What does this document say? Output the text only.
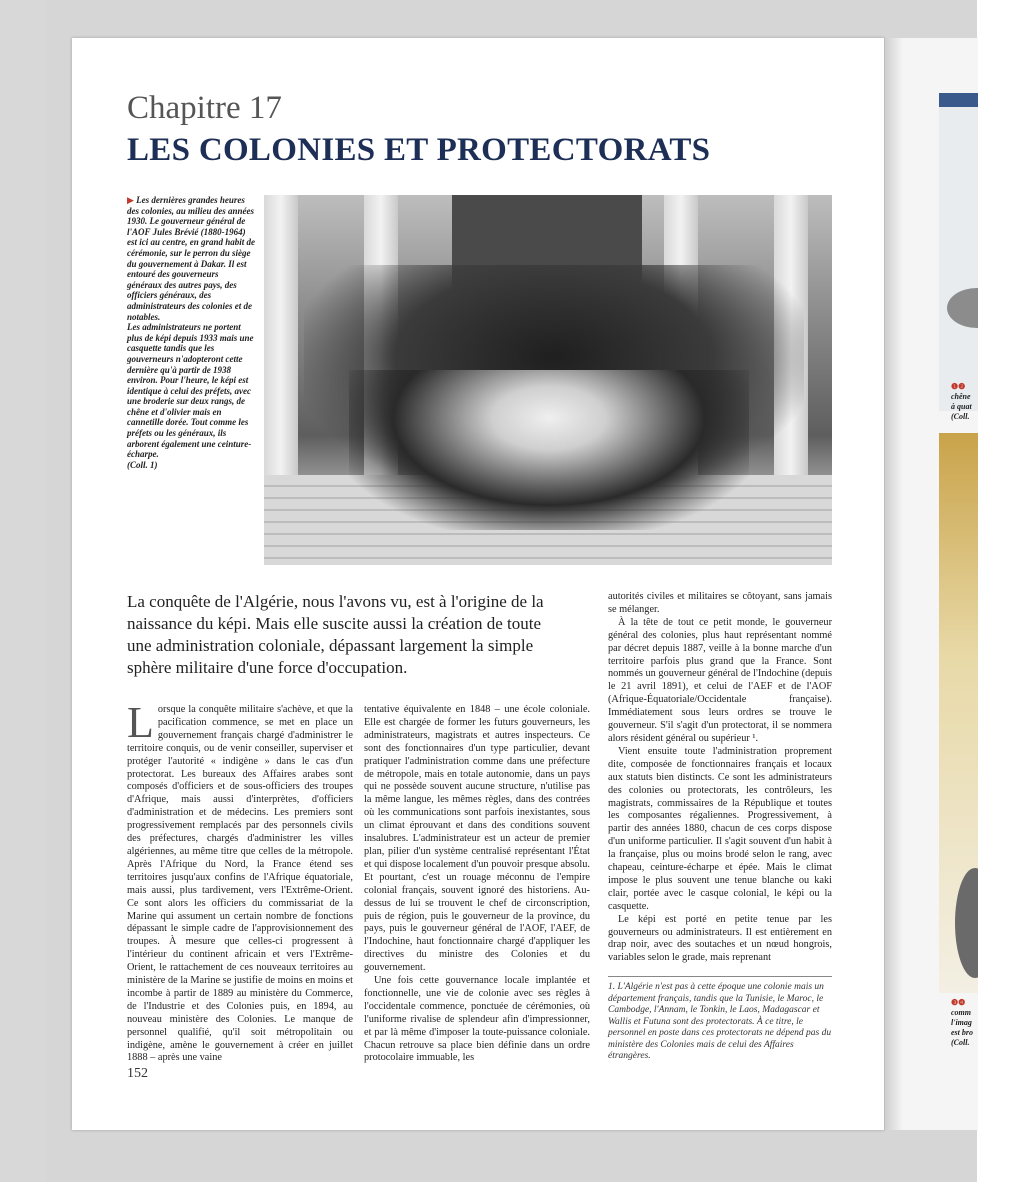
Chapitre 17
LES COLONIES ET PROTECTORATS

▶ Les dernières grandes heures des colonies, au milieu des années 1930. Le gouverneur général de l'AOF Jules Brévié (1880-1964) est ici au centre, en grand habit de cérémonie, sur le perron du siège du gouvernement à Dakar. Il est entouré des gouverneurs généraux des autres pays, des officiers généraux, des administrateurs des colonies et de notables.

Les administrateurs ne portent plus de képi depuis 1933 mais une casquette tandis que les gouverneurs n'adopteront cette dernière qu'à partir de 1938 environ. Pour l'heure, le képi est identique à celui des préfets, avec une broderie sur deux rangs, de chêne et d'olivier mais en cannetille dorée. Tout comme les préfets ou les généraux, ils arborent également une ceinture-écharpe.

(Coll. 1)

La conquête de l'Algérie, nous l'avons vu, est à l'origine de la naissance du képi. Mais elle suscite aussi la création de toute une administration coloniale, dépassant largement la simple sphère militaire d'une force d'occupation.

Lorsque la conquête militaire s'achève, et que la pacification commence, se met en place un gouvernement français chargé d'administrer le territoire conquis, ou de venir conseiller, superviser et protéger l'autorité « indigène » dans le cas d'un protectorat. Les bureaux des Affaires arabes sont composés d'officiers et de sous-officiers des troupes d'Afrique, mais aussi d'interprètes, d'officiers d'administration et de médecins. Les premiers sont progressivement remplacés par des personnels civils des préfectures, chargés d'administrer les villes algériennes, au même titre que celles de la métropole. Après l'Afrique du Nord, la France étend ses territoires jusqu'aux confins de l'Afrique équatoriale, mais aussi, plus tardivement, vers l'Extrême-Orient. Ce sont alors les officiers du commissariat de la Marine qui assument un certain nombre de fonctions dépassant le simple cadre de l'approvisionnement des troupes. À mesure que celles-ci progressent à l'intérieur du continent africain et vers l'Extrême-Orient, le rattachement de ces nouveaux territoires au ministère de la Marine se justifie de moins en moins et incombe à partir de 1889 au ministère du Commerce, de l'Industrie et des Colonies puis, en 1894, au nouveau ministère des Colonies. Le manque de personnel qualifié, qu'il soit métropolitain ou indigène, amène le gouvernement à créer en juillet 1888 – après une vaine

tentative équivalente en 1848 – une école coloniale. Elle est chargée de former les futurs gouverneurs, les administrateurs, magistrats et autres inspecteurs. Ce sont des fonctionnaires d'un type particulier, devant pratiquer l'administration comme dans une préfecture de métropole, mais en totale autonomie, dans un pays qui ne possède souvent aucune structure, n'utilise pas la même langue, les mêmes règles, dans des contrées où les communications sont parfois inexistantes, sous un climat éprouvant et dans des conditions souvent insalubres. L'administrateur est un acteur de premier plan, pilier d'un système centralisé représentant l'État et qui dispose localement d'un pouvoir presque absolu. Et pourtant, c'est un rouage méconnu de l'empire colonial français, souvent ignoré des historiens. Au-dessus de lui se trouvent le chef de circonscription, puis de région, puis le gouverneur de la province, du pays, puis le gouverneur général de l'AOF, l'AEF, de l'Indochine, haut fonctionnaire chargé d'appliquer les directives du ministre des Colonies et du gouvernement.

Une fois cette gouvernance locale implantée et fonctionnelle, une vie de colonie avec ses règles à l'occidentale commence, ponctuée de cérémonies, où l'uniforme rivalise de splendeur afin d'impressionner, et par là même d'imposer la toute-puissance coloniale. Chacun retrouve sa place bien définie dans un ordre protocolaire immuable, les

autorités civiles et militaires se côtoyant, sans jamais se mélanger.

À la tête de tout ce petit monde, le gouverneur général des colonies, plus haut représentant nommé par décret depuis 1887, veille à la bonne marche d'un territoire parfois plus grand que la France. Sont nommés un gouverneur général de l'Indochine (depuis le 21 avril 1891), et celui de l'AEF et de l'AOF (Afrique-Équatoriale/Occidentale française). Immédiatement sous leurs ordres se trouve le gouverneur. S'il s'agit d'un protectorat, il se nommera alors résident général ou supérieur ¹.

Vient ensuite toute l'administration proprement dite, composée de fonctionnaires français et locaux aux statuts bien distincts. Ce sont les administrateurs des colonies ou protectorats, les contrôleurs, les magistrats, commissaires de la République et toutes les composantes régaliennes. Progressivement, à partir des années 1880, chacun de ces corps dispose d'un uniforme particulier. Il s'agit souvent d'un habit à la française, plus ou moins brodé selon le rang, avec chapeau, ceinture-écharpe et épée. Mais le climat impose le plus souvent une tenue blanche ou kaki clair, portée avec le casque colonial, le képi ou la casquette.

Le képi est porté en petite tenue par les gouverneurs ou administrateurs. Il est entièrement en drap noir, avec des soutaches et un nœud hongrois, variables selon le grade, mais reprenant

1. L'Algérie n'est pas à cette époque une colonie mais un département français, tandis que la Tunisie, le Maroc, le Cambodge, l'Annam, le Tonkin, le Laos, Madagascar et Wallis et Futuna sont des protectorats. À ce titre, le personnel en poste dans ces protectorats ne dépend pas du ministère des Colonies mais de celui des Affaires étrangères.
152
❶❷
chêne
à quat
(Coll.
❸❹
comm
l'imag
est bro
(Coll.
